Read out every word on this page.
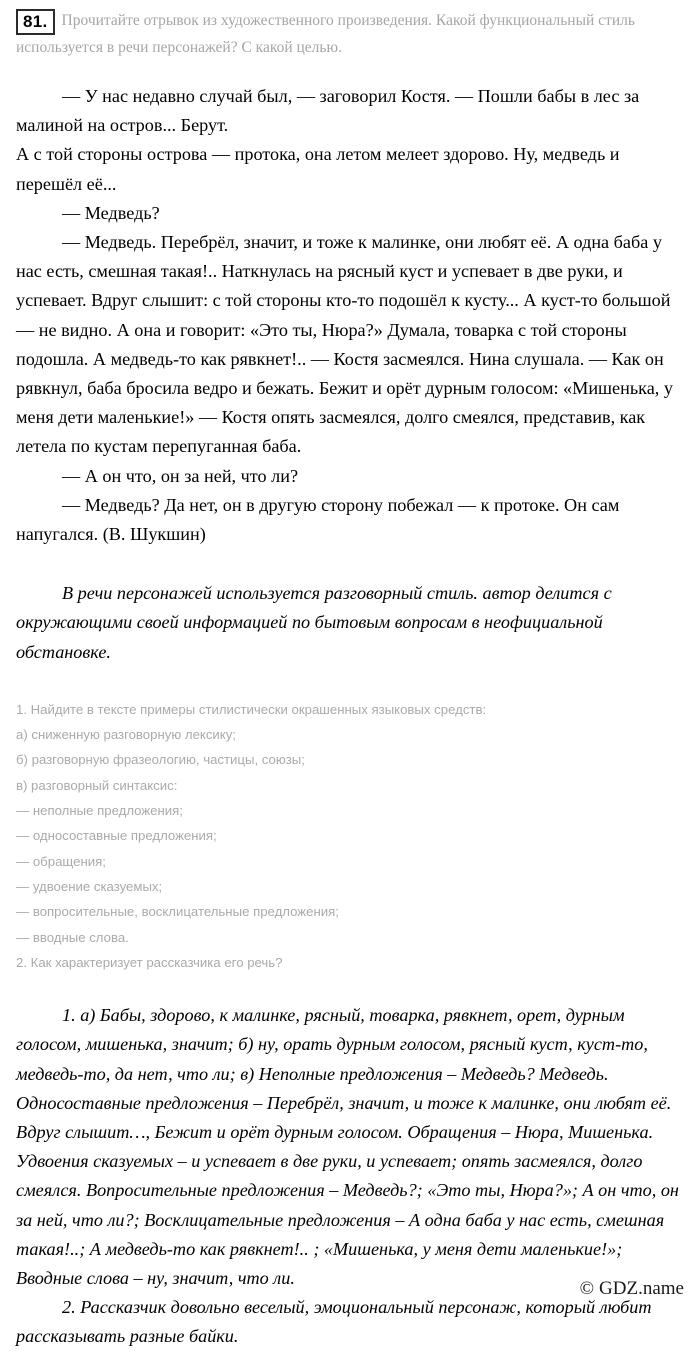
81. Прочитайте отрывок из художественного произведения. Какой функциональный стиль используется в речи персонажей? С какой целью.

— У нас недавно случай был, — заговорил Костя. — Пошли бабы в лес за малиной на остров... Берут.

А с той стороны острова — протока, она летом мелеет здорово. Ну, медведь и перешёл её...

— Медведь?

— Медведь. Перебрёл, значит, и тоже к малинке, они любят её. А одна баба у нас есть, смешная такая!.. Наткнулась на рясный куст и успевает в две руки, и успевает. Вдруг слышит: с той стороны кто-то подошёл к кусту... А куст-то большой — не видно. А она и говорит: «Это ты, Нюра?» Думала, товарка с той стороны подошла. А медведь-то как рявкнет!.. — Костя засмеялся. Нина слушала. — Как он рявкнул, баба бросила ведро и бежать. Бежит и орёт дурным голосом: «Мишенька, у меня дети маленькие!» — Костя опять засмеялся, долго смеялся, представив, как летела по кустам перепуганная баба.

— А он что, он за ней, что ли?

— Медведь? Да нет, он в другую сторону побежал — к протоке. Он сам напугался. (В. Шукшин)

В речи персонажей используется разговорный стиль. автор делится с окружающими своей информацией по бытовым вопросам в неофициальной обстановке.

1. Найдите в тексте примеры стилистически окрашенных языковых средств:

а) сниженную разговорную лексику;

б) разговорную фразеологию, частицы, союзы;

в) разговорный синтаксис:

— неполные предложения;

— односоставные предложения;

— обращения;

— удвоение сказуемых;

— вопросительные, восклицательные предложения;

— вводные слова.

2. Как характеризует рассказчика его речь?

1. а) Бабы, здорово, к малинке, рясный, товарка, рявкнет, орет, дурным голосом, мишенька, значит; б) ну, орать дурным голосом, рясный куст, куст-то, медведь-то, да нет, что ли; в) Неполные предложения – Медведь? Медведь. Односоставные предложения – Перебрёл, значит, и тоже к малинке, они любят её. Вдруг слышит…, Бежит и орёт дурным голосом. Обращения – Нюра, Мишенька. Удвоения сказуемых – и успевает в две руки, и успевает; опять засмеялся, долго смеялся. Вопросительные предложения – Медведь?; «Это ты, Нюра?»; А он что, он за ней, что ли?; Восклицательные предложения – А одна баба у нас есть, смешная такая!..; А медведь-то как рявкнет!.. ; «Мишенька, у меня дети маленькие!»; Вводные слова – ну, значит, что ли.

2. Рассказчик довольно веселый, эмоциональный персонаж, который любит рассказывать разные байки.

© GDZ.name
